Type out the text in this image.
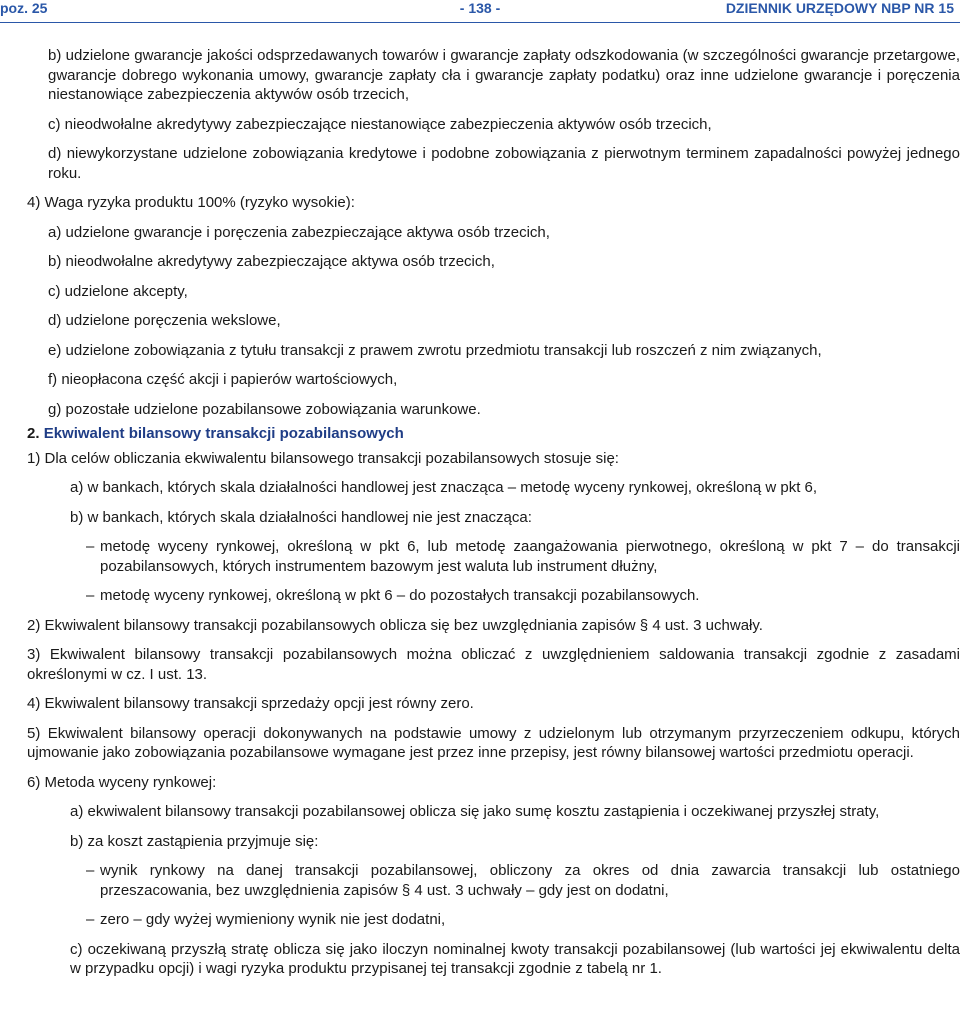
poz. 25	- 138 -	DZIENNIK URZĘDOWY NBP NR 15

b) udzielone gwarancje jakości odsprzedawanych towarów i gwarancje zapłaty odszkodowania (w szczególności gwarancje przetargowe, gwarancje dobrego wykonania umowy, gwarancje zapłaty cła i gwarancje zapłaty podatku) oraz inne udzielone gwarancje i poręczenia niestanowiące zabezpieczenia aktywów osób trzecich,

c) nieodwołalne akredytywy zabezpieczające niestanowiące zabezpieczenia aktywów osób trzecich,

d) niewykorzystane udzielone zobowiązania kredytowe i podobne zobowiązania z pierwotnym terminem zapadalności powyżej jednego roku.

4) Waga ryzyka produktu 100% (ryzyko wysokie):

a) udzielone gwarancje i poręczenia zabezpieczające aktywa osób trzecich,

b) nieodwołalne akredytywy zabezpieczające aktywa osób trzecich,

c) udzielone akcepty,

d) udzielone poręczenia wekslowe,

e) udzielone zobowiązania z tytułu transakcji z prawem zwrotu przedmiotu transakcji lub roszczeń z nim związanych,

f) nieopłacona część akcji i papierów wartościowych,

g) pozostałe udzielone pozabilansowe zobowiązania warunkowe.

2. Ekwiwalent bilansowy transakcji pozabilansowych

1) Dla celów obliczania ekwiwalentu bilansowego transakcji pozabilansowych stosuje się:

a) w bankach, których skala działalności handlowej jest znacząca – metodę wyceny rynkowej, określoną w pkt 6,

b) w bankach, których skala działalności handlowej nie jest znacząca:

– metodę wyceny rynkowej, określoną w pkt 6, lub metodę zaangażowania pierwotnego, określoną w pkt 7 – do transakcji pozabilansowych, których instrumentem bazowym jest waluta lub instrument dłużny,

– metodę wyceny rynkowej, określoną w pkt 6 – do pozostałych transakcji pozabilansowych.

2) Ekwiwalent bilansowy transakcji pozabilansowych oblicza się bez uwzględniania zapisów § 4 ust. 3 uchwały.

3) Ekwiwalent bilansowy transakcji pozabilansowych można obliczać z uwzględnieniem saldowania transakcji zgodnie z zasadami określonymi w cz. I ust. 13.

4) Ekwiwalent bilansowy transakcji sprzedaży opcji jest równy zero.

5) Ekwiwalent bilansowy operacji dokonywanych na podstawie umowy z udzielonym lub otrzymanym przyrzeczeniem odkupu, których ujmowanie jako zobowiązania pozabilansowe wymagane jest przez inne przepisy, jest równy bilansowej wartości przedmiotu operacji.

6) Metoda wyceny rynkowej:

a) ekwiwalent bilansowy transakcji pozabilansowej oblicza się jako sumę kosztu zastąpienia i oczekiwanej przyszłej straty,

b) za koszt zastąpienia przyjmuje się:

– wynik rynkowy na danej transakcji pozabilansowej, obliczony za okres od dnia zawarcia transakcji lub ostatniego przeszacowania, bez uwzględnienia zapisów § 4 ust. 3 uchwały – gdy jest on dodatni,

– zero – gdy wyżej wymieniony wynik nie jest dodatni,

c) oczekiwaną przyszłą stratę oblicza się jako iloczyn nominalnej kwoty transakcji pozabilansowej (lub wartości jej ekwiwalentu delta w przypadku opcji) i wagi ryzyka produktu przypisanej tej transakcji zgodnie z tabelą nr 1.
